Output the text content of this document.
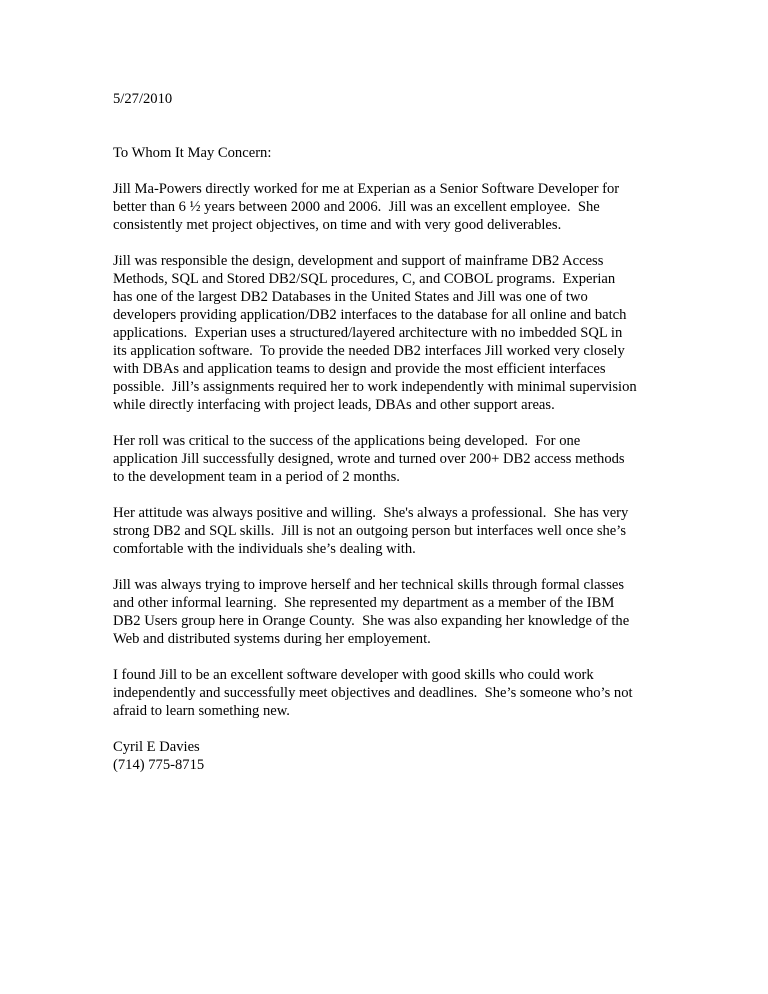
5/27/2010
To Whom It May Concern:
Jill Ma-Powers directly worked for me at Experian as a Senior Software Developer for
better than 6 ½ years between 2000 and 2006.  Jill was an excellent employee.  She
consistently met project objectives, on time and with very good deliverables.
Jill was responsible the design, development and support of mainframe DB2 Access
Methods, SQL and Stored DB2/SQL procedures, C, and COBOL programs.  Experian
has one of the largest DB2 Databases in the United States and Jill was one of two
developers providing application/DB2 interfaces to the database for all online and batch
applications.  Experian uses a structured/layered architecture with no imbedded SQL in
its application software.  To provide the needed DB2 interfaces Jill worked very closely
with DBAs and application teams to design and provide the most efficient interfaces
possible.  Jill’s assignments required her to work independently with minimal supervision
while directly interfacing with project leads, DBAs and other support areas.
Her roll was critical to the success of the applications being developed.  For one
application Jill successfully designed, wrote and turned over 200+ DB2 access methods
to the development team in a period of 2 months.
Her attitude was always positive and willing.  She's always a professional.  She has very
strong DB2 and SQL skills.  Jill is not an outgoing person but interfaces well once she’s
comfortable with the individuals she’s dealing with.
Jill was always trying to improve herself and her technical skills through formal classes
and other informal learning.  She represented my department as a member of the IBM
DB2 Users group here in Orange County.  She was also expanding her knowledge of the
Web and distributed systems during her employement.
I found Jill to be an excellent software developer with good skills who could work
independently and successfully meet objectives and deadlines.  She’s someone who’s not
afraid to learn something new.
Cyril E Davies
(714) 775-8715
